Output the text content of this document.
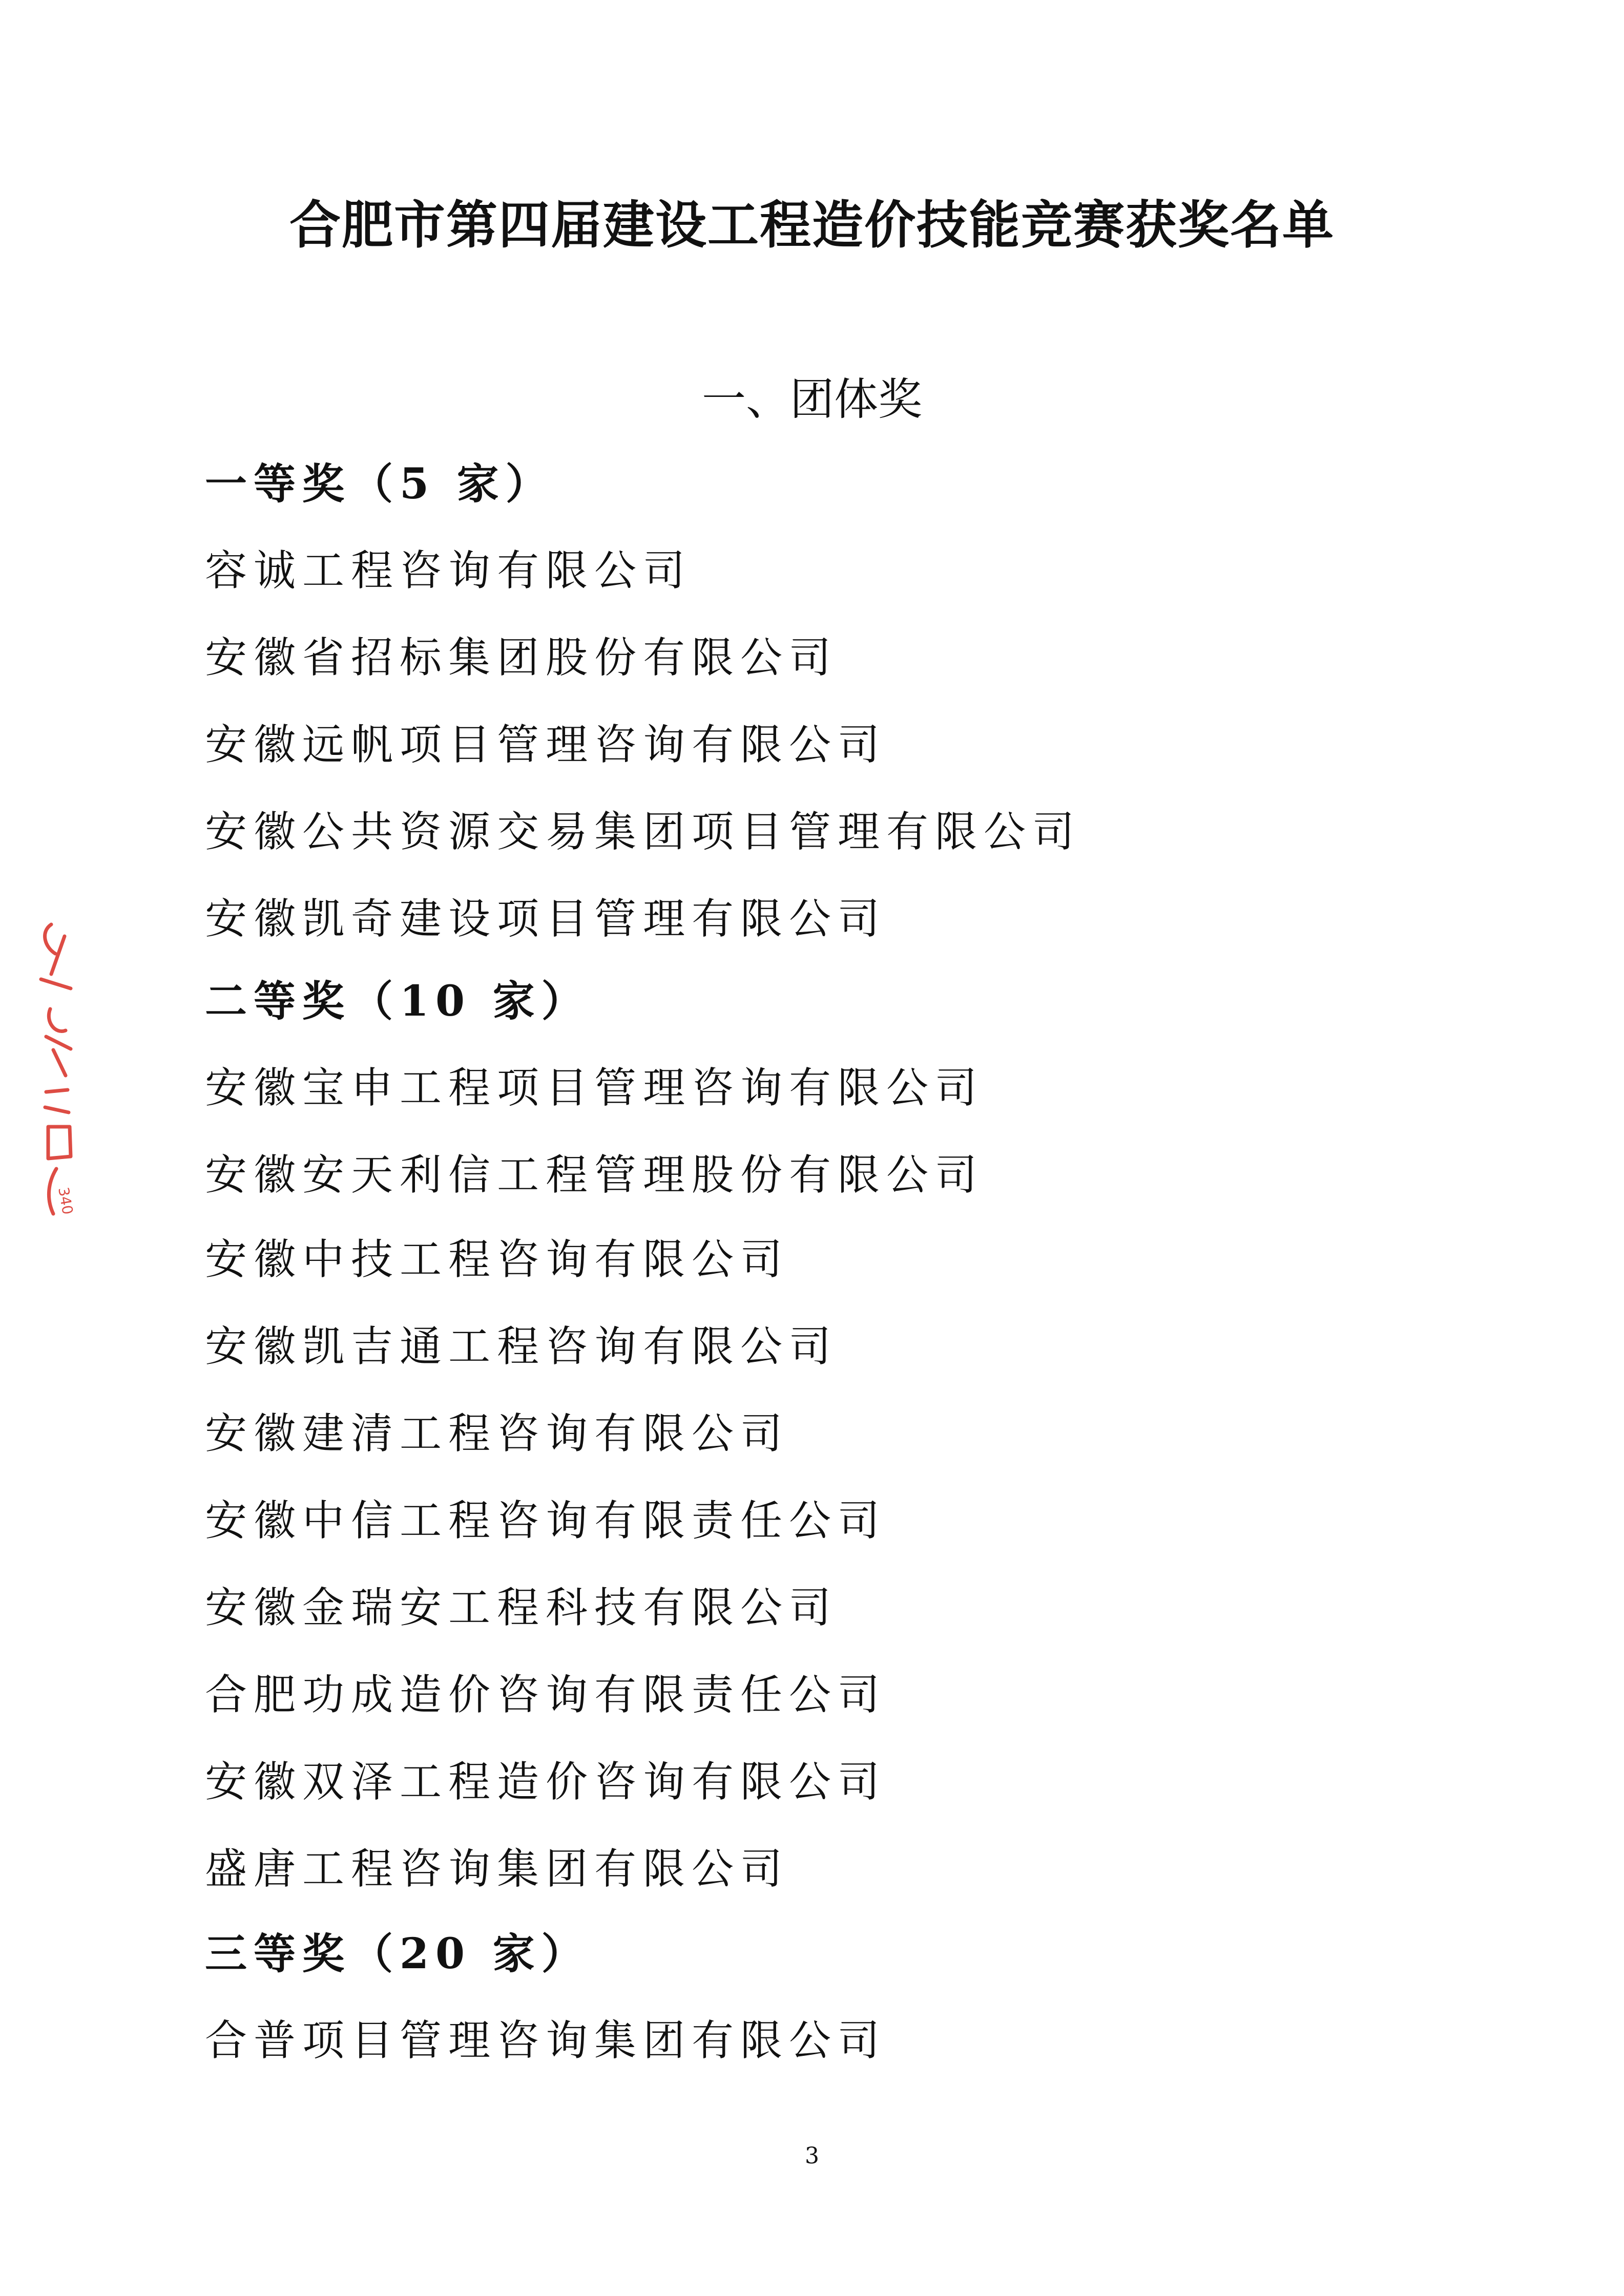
合肥市第四届建设工程造价技能竞赛获奖名单
一、团体奖
一等奖（5 家）
容诚工程咨询有限公司
安徽省招标集团股份有限公司
安徽远帆项目管理咨询有限公司
安徽公共资源交易集团项目管理有限公司
安徽凯奇建设项目管理有限公司
二等奖（10 家）
安徽宝申工程项目管理咨询有限公司
安徽安天利信工程管理股份有限公司
安徽中技工程咨询有限公司
安徽凯吉通工程咨询有限公司
安徽建清工程咨询有限公司
安徽中信工程咨询有限责任公司
安徽金瑞安工程科技有限公司
合肥功成造价咨询有限责任公司
安徽双泽工程造价咨询有限公司
盛唐工程咨询集团有限公司
三等奖（20 家）
合普项目管理咨询集团有限公司
3
340
